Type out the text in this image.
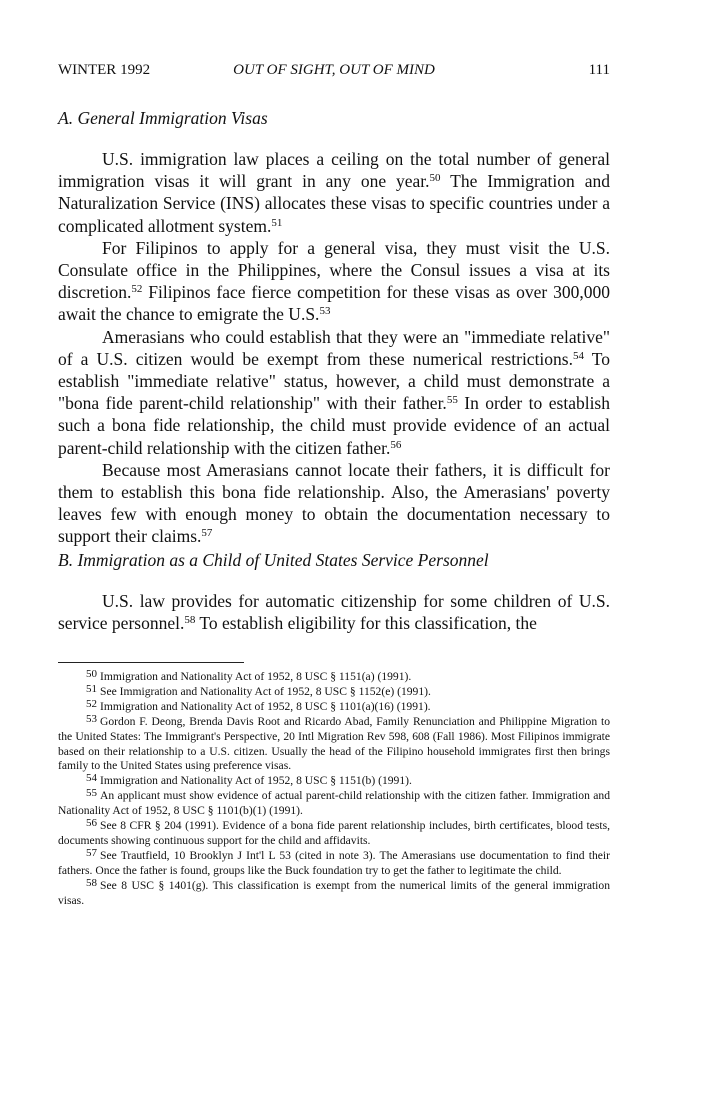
WINTER 1992	OUT OF SIGHT, OUT OF MIND	111
A. General Immigration Visas

U.S. immigration law places a ceiling on the total number of general immigration visas it will grant in any one year.$^{50}$ The Immigration and Naturalization Service (INS) allocates these visas to specific countries under a complicated allotment system.$^{51}$

For Filipinos to apply for a general visa, they must visit the U.S. Consulate office in the Philippines, where the Consul issues a visa at its discretion.$^{52}$ Filipinos face fierce competition for these visas as over 300,000 await the chance to emigrate the U.S.$^{53}$

Amerasians who could establish that they were an "immediate relative" of a U.S. citizen would be exempt from these numerical restrictions.$^{54}$ To establish "immediate relative" status, however, a child must demonstrate a "bona fide parent-child relationship" with their father.$^{55}$ In order to establish such a bona fide relationship, the child must provide evidence of an actual parent-child relationship with the citizen father.$^{56}$

Because most Amerasians cannot locate their fathers, it is difficult for them to establish this bona fide relationship. Also, the Amerasians' poverty leaves few with enough money to obtain the documentation necessary to support their claims.$^{57}$

B. Immigration as a Child of United States Service Personnel

U.S. law provides for automatic citizenship for some children of U.S. service personnel.$^{58}$ To establish eligibility for this classification, the

$^{50}$ Immigration and Nationality Act of 1952, 8 USC § 1151(a) (1991).

$^{51}$ See Immigration and Nationality Act of 1952, 8 USC § 1152(e) (1991).

$^{52}$ Immigration and Nationality Act of 1952, 8 USC § 1101(a)(16) (1991).

$^{53}$ Gordon F. Deong, Brenda Davis Root and Ricardo Abad, Family Renunciation and Philippine Migration to the United States: The Immigrant's Perspective, 20 Intl Migration Rev 598, 608 (Fall 1986). Most Filipinos immigrate based on their relationship to a U.S. citizen. Usually the head of the Filipino household immigrates first then brings family to the United States using preference visas.

$^{54}$ Immigration and Nationality Act of 1952, 8 USC § 1151(b) (1991).

$^{55}$ An applicant must show evidence of actual parent-child relationship with the citizen father. Immigration and Nationality Act of 1952, 8 USC § 1101(b)(1) (1991).

$^{56}$ See 8 CFR § 204 (1991). Evidence of a bona fide parent relationship includes, birth certificates, blood tests, documents showing continuous support for the child and affidavits.

$^{57}$ See Trautfield, 10 Brooklyn J Int'l L 53 (cited in note 3). The Amerasians use documentation to find their fathers. Once the father is found, groups like the Buck foundation try to get the father to legitimate the child.

$^{58}$ See 8 USC § 1401(g). This classification is exempt from the numerical limits of the general immigration visas.
